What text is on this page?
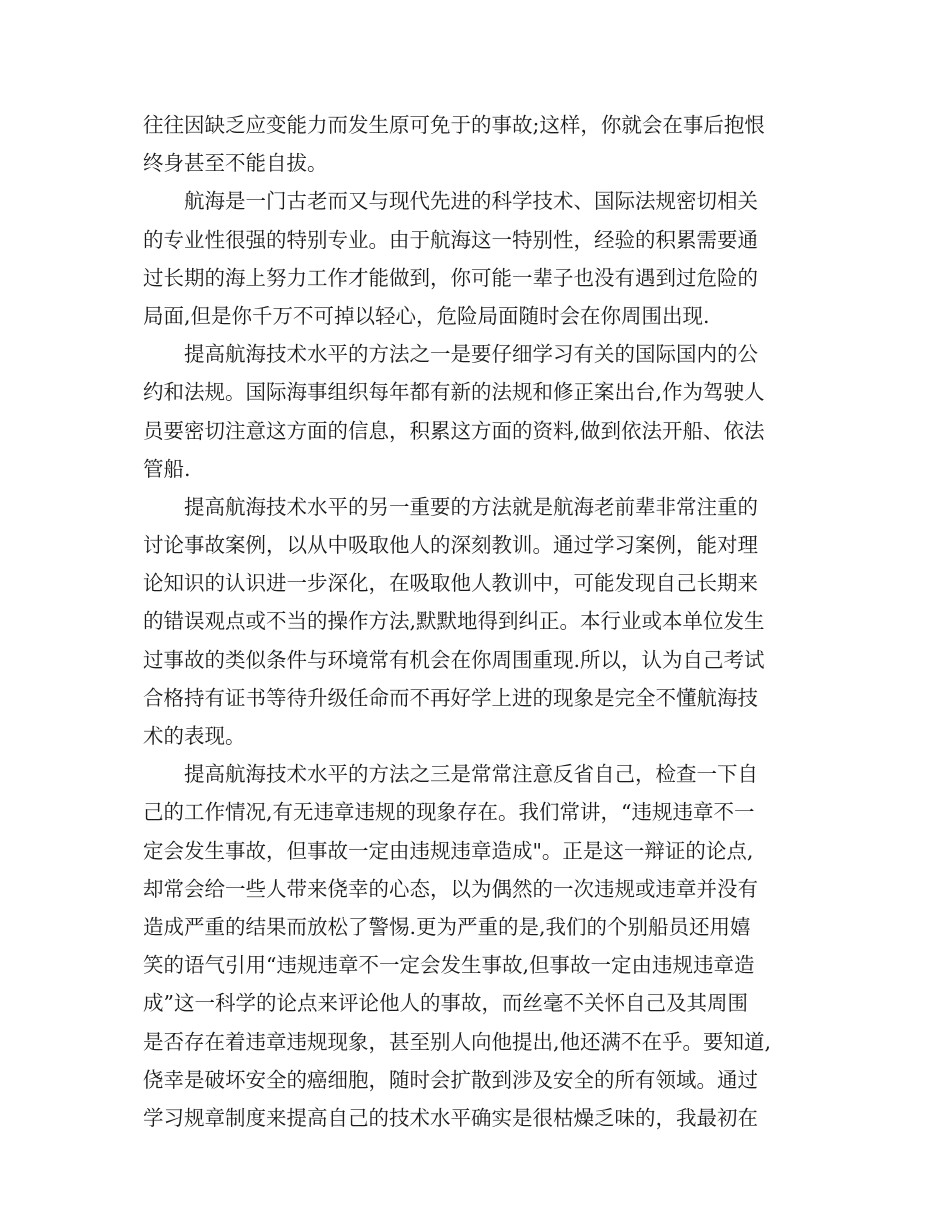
往往因缺乏应变能力而发生原可免于的事故;这样，你就会在事后抱恨
终身甚至不能自拔。
航海是一门古老而又与现代先进的科学技术、国际法规密切相关
的专业性很强的特别专业。由于航海这一特别性，经验的积累需要通
过长期的海上努力工作才能做到，你可能一辈子也没有遇到过危险的
局面,但是你千万不可掉以轻心，危险局面随时会在你周围出现.
提高航海技术水平的方法之一是要仔细学习有关的国际国内的公
约和法规。国际海事组织每年都有新的法规和修正案出台,作为驾驶人
员要密切注意这方面的信息，积累这方面的资料,做到依法开船、依法
管船.
提高航海技术水平的另一重要的方法就是航海老前辈非常注重的
讨论事故案例，以从中吸取他人的深刻教训。通过学习案例，能对理
论知识的认识进一步深化，在吸取他人教训中，可能发现自己长期来
的错误观点或不当的操作方法,默默地得到纠正。本行业或本单位发生
过事故的类似条件与环境常有机会在你周围重现.所以，认为自己考试
合格持有证书等待升级任命而不再好学上进的现象是完全不懂航海技
术的表现。
提高航海技术水平的方法之三是常常注意反省自己，检查一下自
己的工作情况,有无违章违规的现象存在。我们常讲，“违规违章不一
定会发生事故，但事故一定由违规违章造成"。正是这一辩证的论点,
却常会给一些人带来侥幸的心态，以为偶然的一次违规或违章并没有
造成严重的结果而放松了警惕.更为严重的是,我们的个别船员还用嬉
笑的语气引用“违规违章不一定会发生事故,但事故一定由违规违章造
成”这一科学的论点来评论他人的事故，而丝毫不关怀自己及其周围
是否存在着违章违规现象，甚至别人向他提出,他还满不在乎。要知道,
侥幸是破坏安全的癌细胞，随时会扩散到涉及安全的所有领域。通过
学习规章制度来提高自己的技术水平确实是很枯燥乏味的，我最初在
